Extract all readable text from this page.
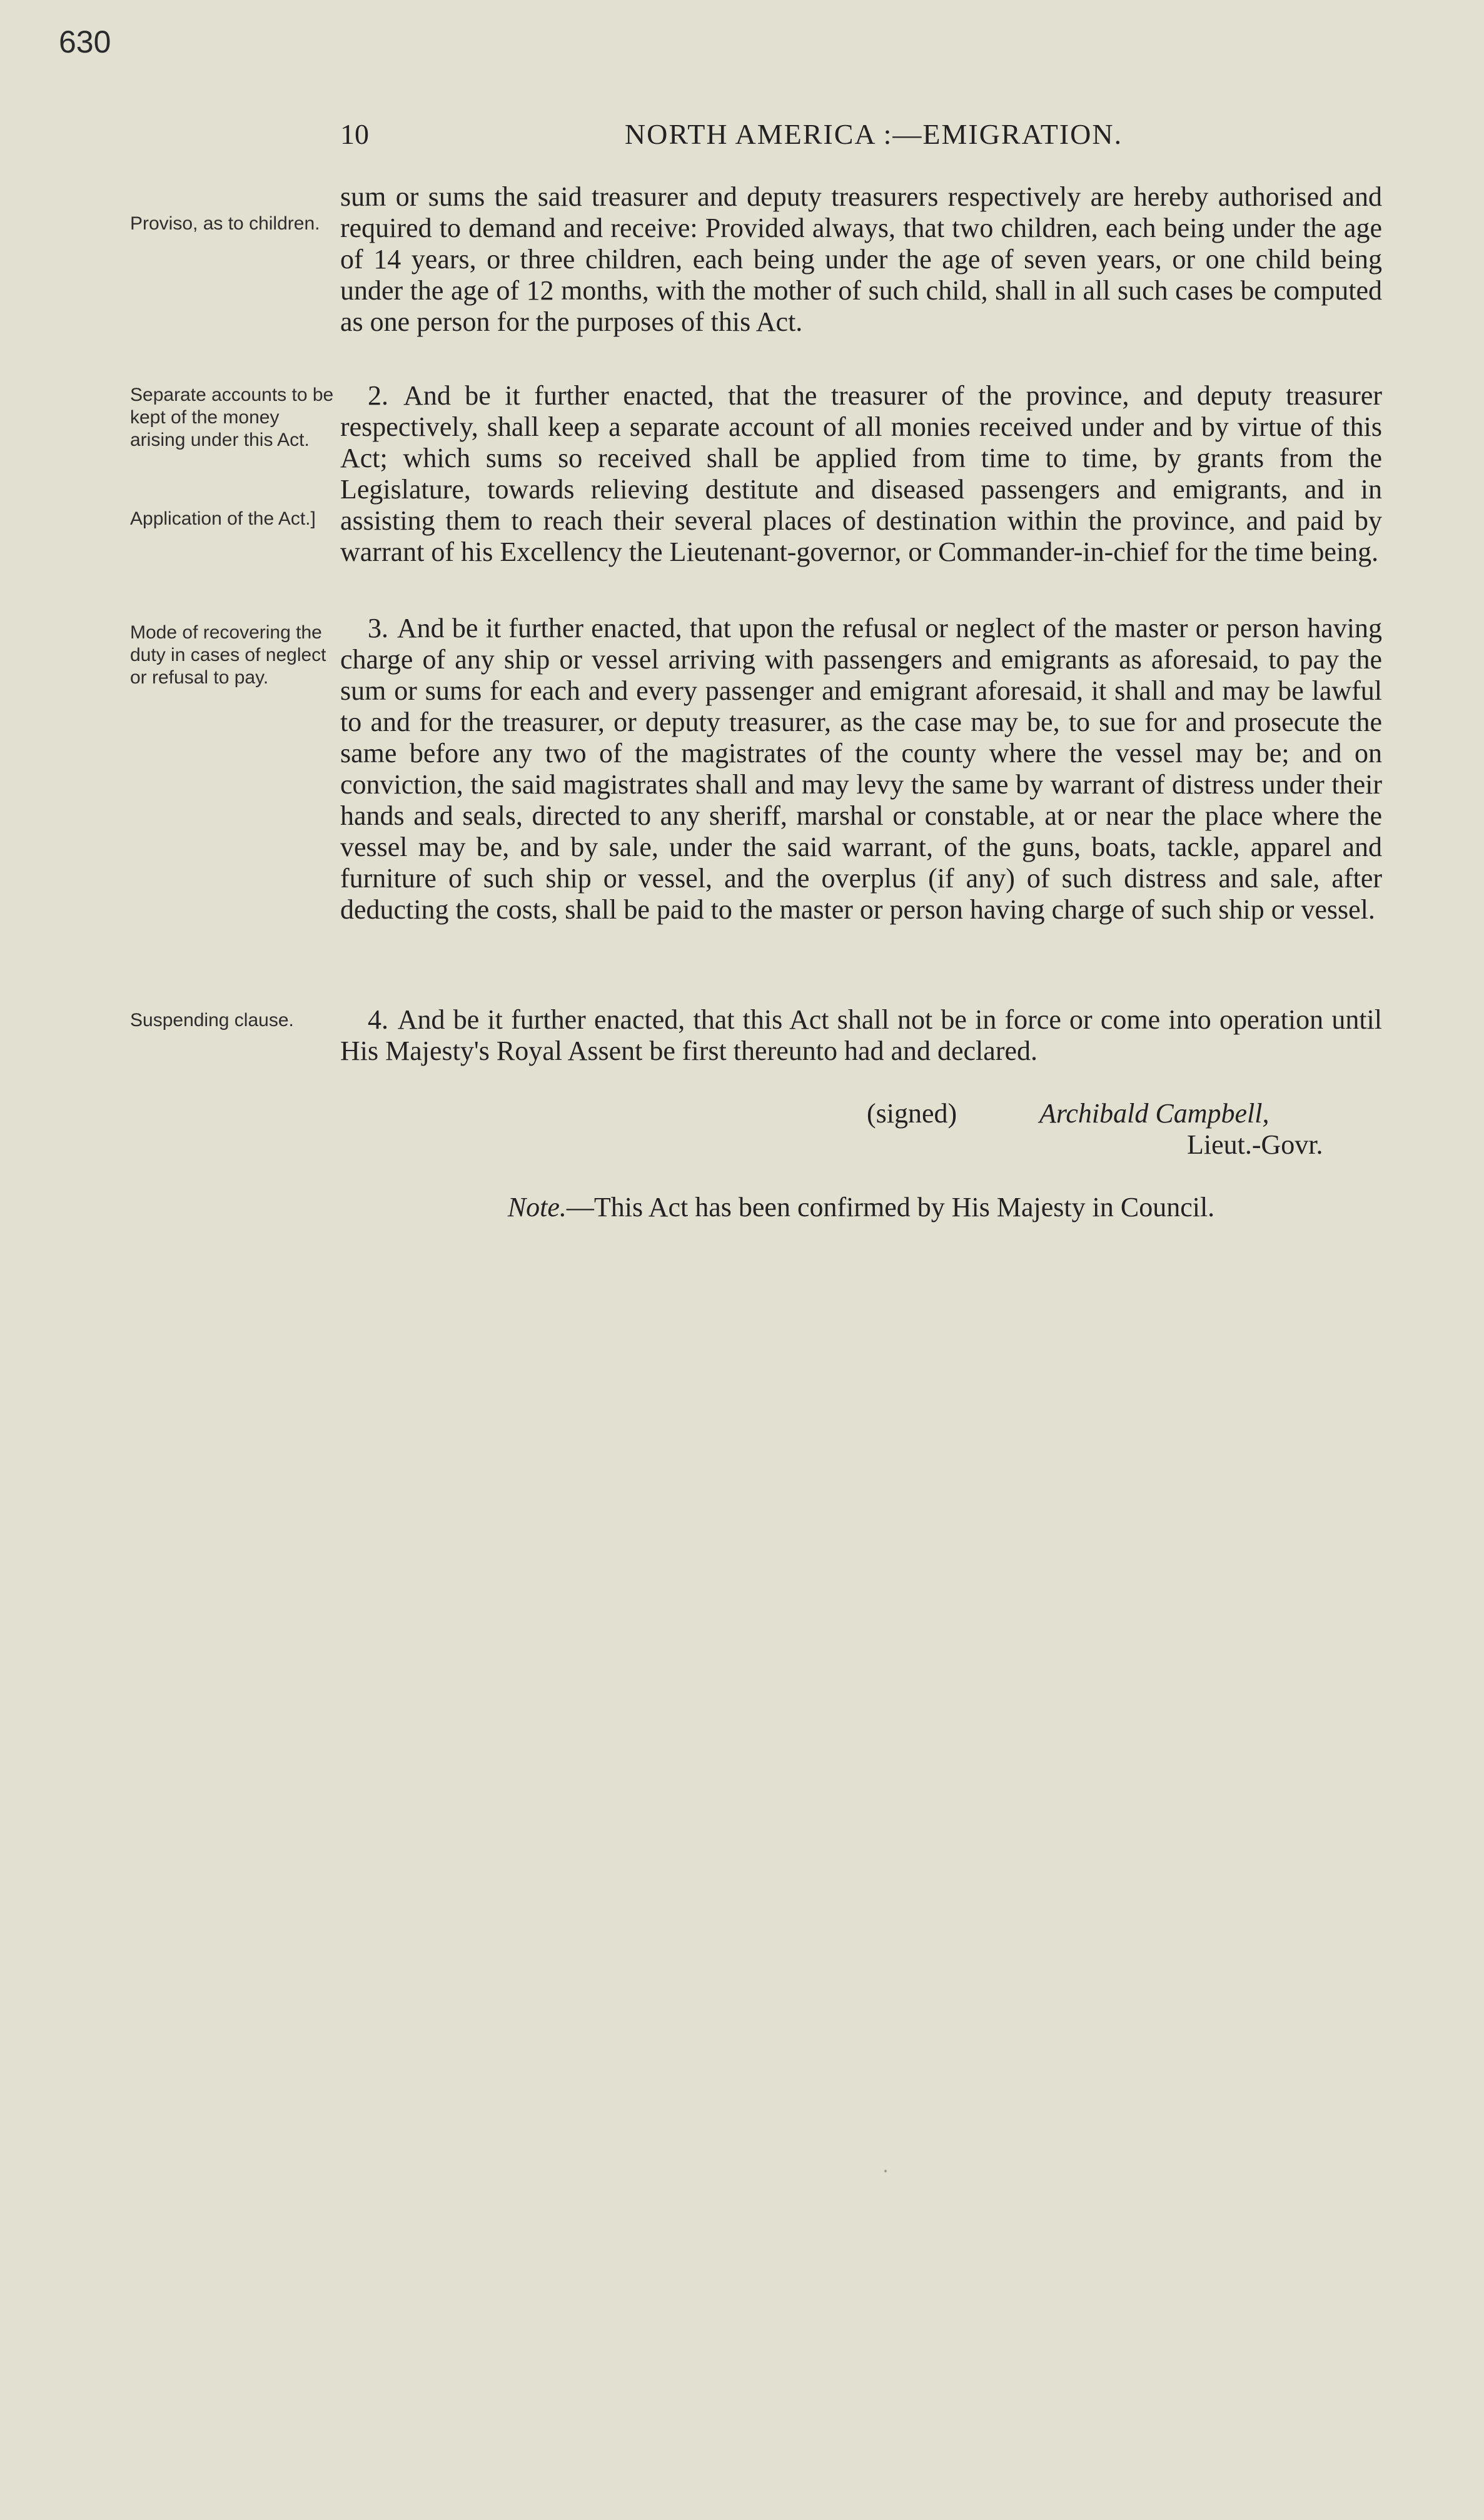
630
10	NORTH AMERICA :—EMIGRATION.

Proviso, as to children.

Separate accounts to be kept of the money arising under this Act.

Application of the Act.]

Mode of recovering the duty in cases of neglect or refusal to pay.

Suspending clause.

sum or sums the said treasurer and deputy treasurers respectively are hereby authorised and required to demand and receive: Provided always, that two children, each being under the age of 14 years, or three children, each being under the age of seven years, or one child being under the age of 12 months, with the mother of such child, shall in all such cases be computed as one person for the purposes of this Act.

2. And be it further enacted, that the treasurer of the province, and deputy treasurer respectively, shall keep a separate account of all monies received under and by virtue of this Act; which sums so received shall be applied from time to time, by grants from the Legislature, towards relieving destitute and diseased passengers and emigrants, and in assisting them to reach their several places of destination within the province, and paid by warrant of his Excellency the Lieutenant-governor, or Commander-in-chief for the time being.

3. And be it further enacted, that upon the refusal or neglect of the master or person having charge of any ship or vessel arriving with passengers and emigrants as aforesaid, to pay the sum or sums for each and every passenger and emigrant aforesaid, it shall and may be lawful to and for the treasurer, or deputy treasurer, as the case may be, to sue for and prosecute the same before any two of the magistrates of the county where the vessel may be; and on conviction, the said magistrates shall and may levy the same by warrant of distress under their hands and seals, directed to any sheriff, marshal or constable, at or near the place where the vessel may be, and by sale, under the said warrant, of the guns, boats, tackle, apparel and furniture of such ship or vessel, and the overplus (if any) of such distress and sale, after deducting the costs, shall be paid to the master or person having charge of such ship or vessel.

4. And be it further enacted, that this Act shall not be in force or come into operation until His Majesty's Royal Assent be first thereunto had and declared.

(signed)	Archibald Campbell,
Lieut.-Govr.
Note.—This Act has been confirmed by His Majesty in Council.
